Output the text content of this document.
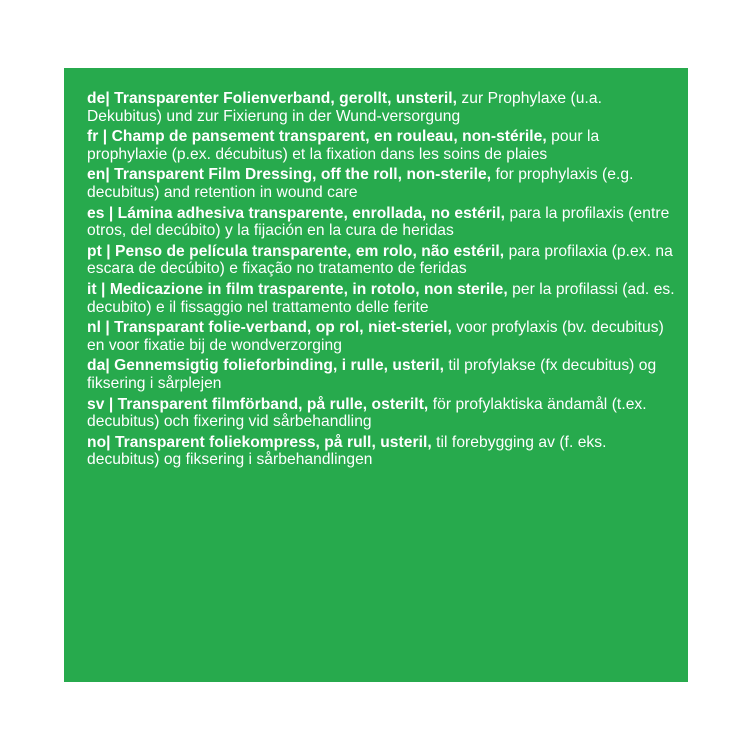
de| Transparenter Folienverband, gerollt, unsteril, zur Prophylaxe (u.a. Dekubitus) und zur Fixierung in der Wund-versorgung

fr | Champ de pansement transparent, en rouleau, non-stérile, pour la prophylaxie (p.ex. décubitus) et la fixation dans les soins de plaies

en| Transparent Film Dressing, off the roll, non-sterile, for prophylaxis (e.g. decubitus) and retention in wound care

es | Lámina adhesiva transparente, enrollada, no estéril, para la profilaxis (entre otros, del decúbito) y la fijación en la cura de heridas

pt | Penso de película transparente, em rolo, não estéril, para profilaxia (p.ex. na escara de decúbito) e fixação no tratamento de feridas

it | Medicazione in film trasparente, in rotolo, non sterile, per la profilassi (ad. es. decubito) e il fissaggio nel trattamento delle ferite

nl | Transparant folie-verband, op rol, niet-steriel, voor profylaxis (bv. decubitus) en voor fixatie bij de wondverzorging

da| Gennemsigtig folieforbinding, i rulle, usteril, til profylakse (fx decubitus) og fiksering i sårplejen

sv | Transparent filmförband, på rulle, osterilt, för profylaktiska ändamål (t.ex. decubitus) och fixering vid sårbehandling

no| Transparent foliekompress, på rull, usteril, til forebygging av (f. eks. decubitus) og fiksering i sårbehandlingen
